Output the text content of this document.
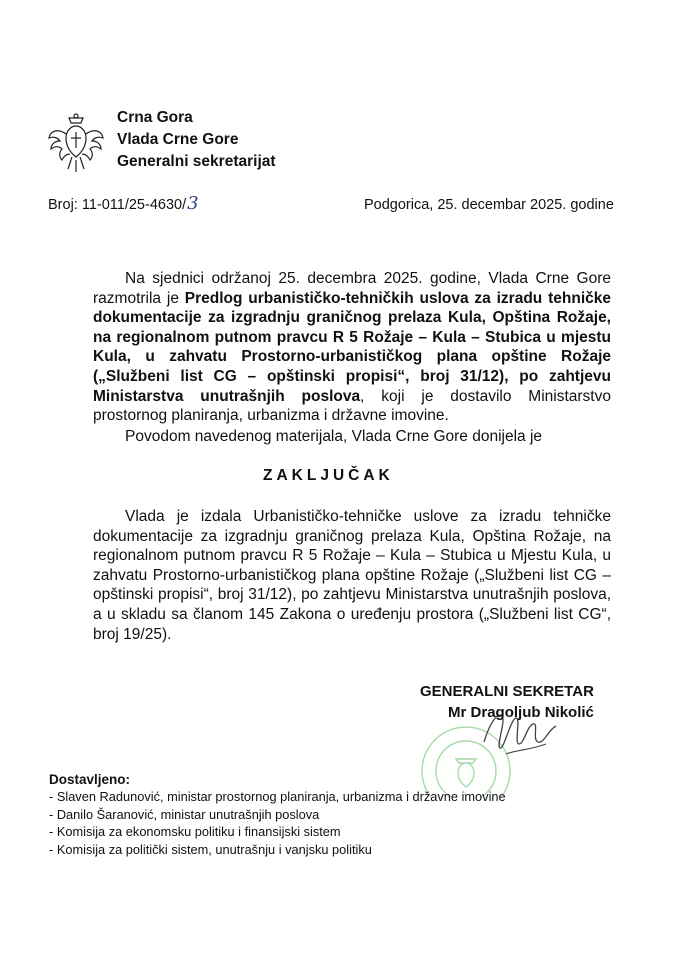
Crna Gora
Vlada Crne Gore
Generalni sekretarijat
Broj: 11-011/25-4630/3	Podgorica, 25. decembar 2025. godine

Na sjednici održanoj 25. decembra 2025. godine, Vlada Crne Gore razmotrila je Predlog urbanističko-tehničkih uslova za izradu tehničke dokumentacije za izgradnju graničnog prelaza Kula, Opština Rožaje, na regionalnom putnom pravcu R 5 Rožaje – Kula – Stubica u mjestu Kula, u zahvatu Prostorno-urbanističkog plana opštine Rožaje („Službeni list CG – opštinski propisi“, broj 31/12), po zahtjevu Ministarstva unutrašnjih poslova, koji je dostavilo Ministarstvo prostornog planiranja, urbanizma i državne imovine.

Povodom navedenog materijala, Vlada Crne Gore donijela je

ZAKLJUČAK

Vlada je izdala Urbanističko-tehničke uslove za izradu tehničke dokumentacije za izgradnju graničnog prelaza Kula, Opština Rožaje, na regionalnom putnom pravcu R 5 Rožaje – Kula – Stubica u Mjestu Kula, u zahvatu Prostorno-urbanističkog plana opštine Rožaje („Službeni list CG – opštinski propisi“, broj 31/12), po zahtjevu Ministarstva unutrašnjih poslova, a u skladu sa članom 145 Zakona o uređenju prostora („Službeni list CG“, broj 19/25).

GENERALNI SEKRETAR
Mr Dragoljub Nikolić
Dostavljeno:
- Slaven Radunović, ministar prostornog planiranja, urbanizma i državne imovine
- Danilo Šaranović, ministar unutrašnjih poslova
- Komisija za ekonomsku politiku i finansijski sistem
- Komisija za politički sistem, unutrašnju i vanjsku politiku
